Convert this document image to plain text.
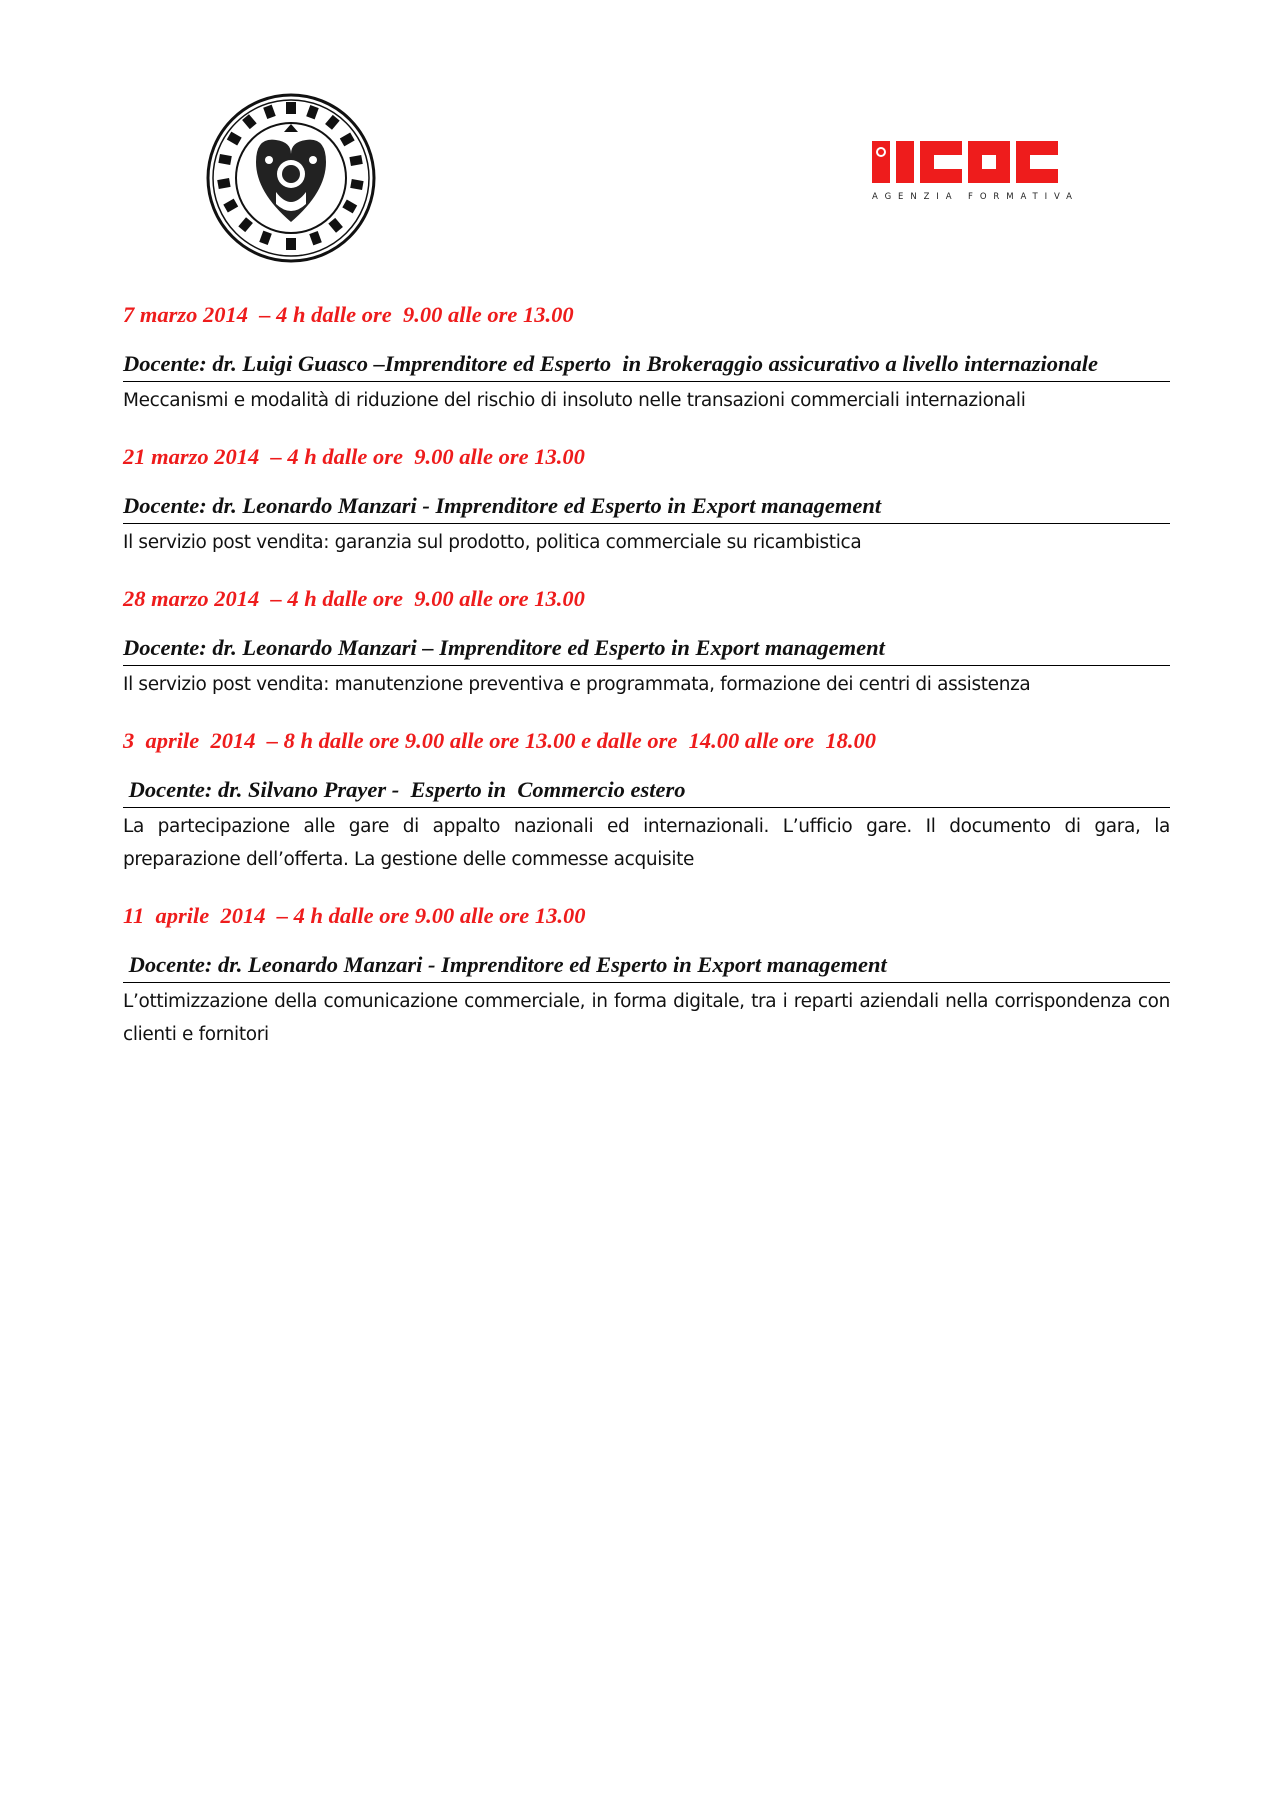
AGENZIA FORMATIVA
7 marzo 2014  – 4 h dalle ore  9.00 alle ore 13.00
Docente: dr. Luigi Guasco –Imprenditore ed Esperto  in Brokeraggio assicurativo a livello internazionale
Meccanismi e modalità di riduzione del rischio di insoluto nelle transazioni commerciali internazionali
21 marzo 2014  – 4 h dalle ore  9.00 alle ore 13.00
Docente: dr. Leonardo Manzari - Imprenditore ed Esperto in Export management
Il servizio post vendita: garanzia sul prodotto, politica commerciale su ricambistica
28 marzo 2014  – 4 h dalle ore  9.00 alle ore 13.00
Docente: dr. Leonardo Manzari – Imprenditore ed Esperto in Export management
Il servizio post vendita: manutenzione preventiva e programmata, formazione dei centri di assistenza
3  aprile  2014  – 8 h dalle ore 9.00 alle ore 13.00 e dalle ore  14.00 alle ore  18.00
Docente: dr. Silvano Prayer -  Esperto in  Commercio estero
La partecipazione alle gare di appalto nazionali ed internazionali. L’ufficio gare. Il documento di gara, la preparazione dell’offerta. La gestione delle commesse acquisite
11  aprile  2014  – 4 h dalle ore 9.00 alle ore 13.00
Docente: dr. Leonardo Manzari - Imprenditore ed Esperto in Export management
L’ottimizzazione della comunicazione commerciale, in forma digitale, tra i reparti aziendali nella corrispondenza con clienti e fornitori
